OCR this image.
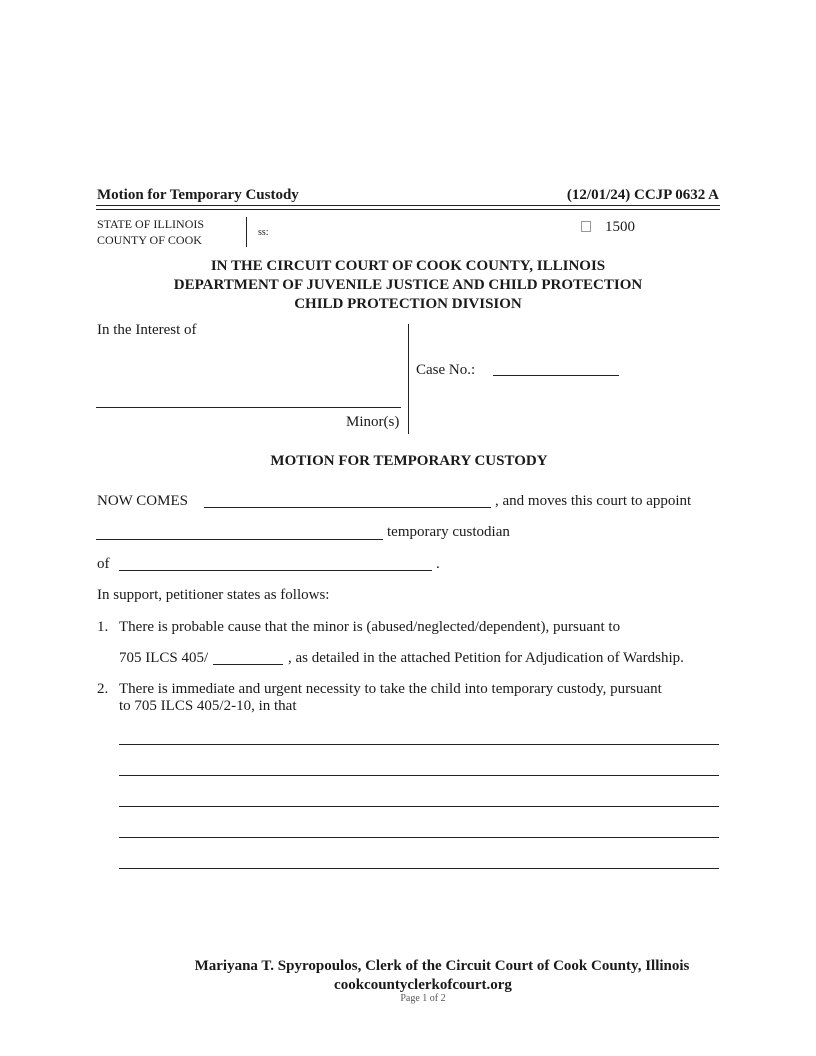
Motion for Temporary Custody	(12/01/24) CCJP 0632 A
STATE OF ILLINOIS
COUNTY OF COOK
ss:	1500
IN THE CIRCUIT COURT OF COOK COUNTY, ILLINOIS
DEPARTMENT OF JUVENILE JUSTICE AND CHILD PROTECTION
CHILD PROTECTION DIVISION
In the Interest of
Case No.:
Minor(s)
MOTION FOR TEMPORARY CUSTODY
NOW COMES	, and moves this court to appoint
temporary custodian
of	.
In support, petitioner states as follows:
1. There is probable cause that the minor is (abused/neglected/dependent), pursuant to
705 ILCS 405/	, as detailed in the attached Petition for Adjudication of Wardship.
2. There is immediate and urgent necessity to take the child into temporary custody, pursuant
to 705 ILCS 405/2-10, in that
Mariyana T. Spyropoulos, Clerk of the Circuit Court of Cook County, Illinois
cookcountyclerkofcourt.org
Page 1 of 2
